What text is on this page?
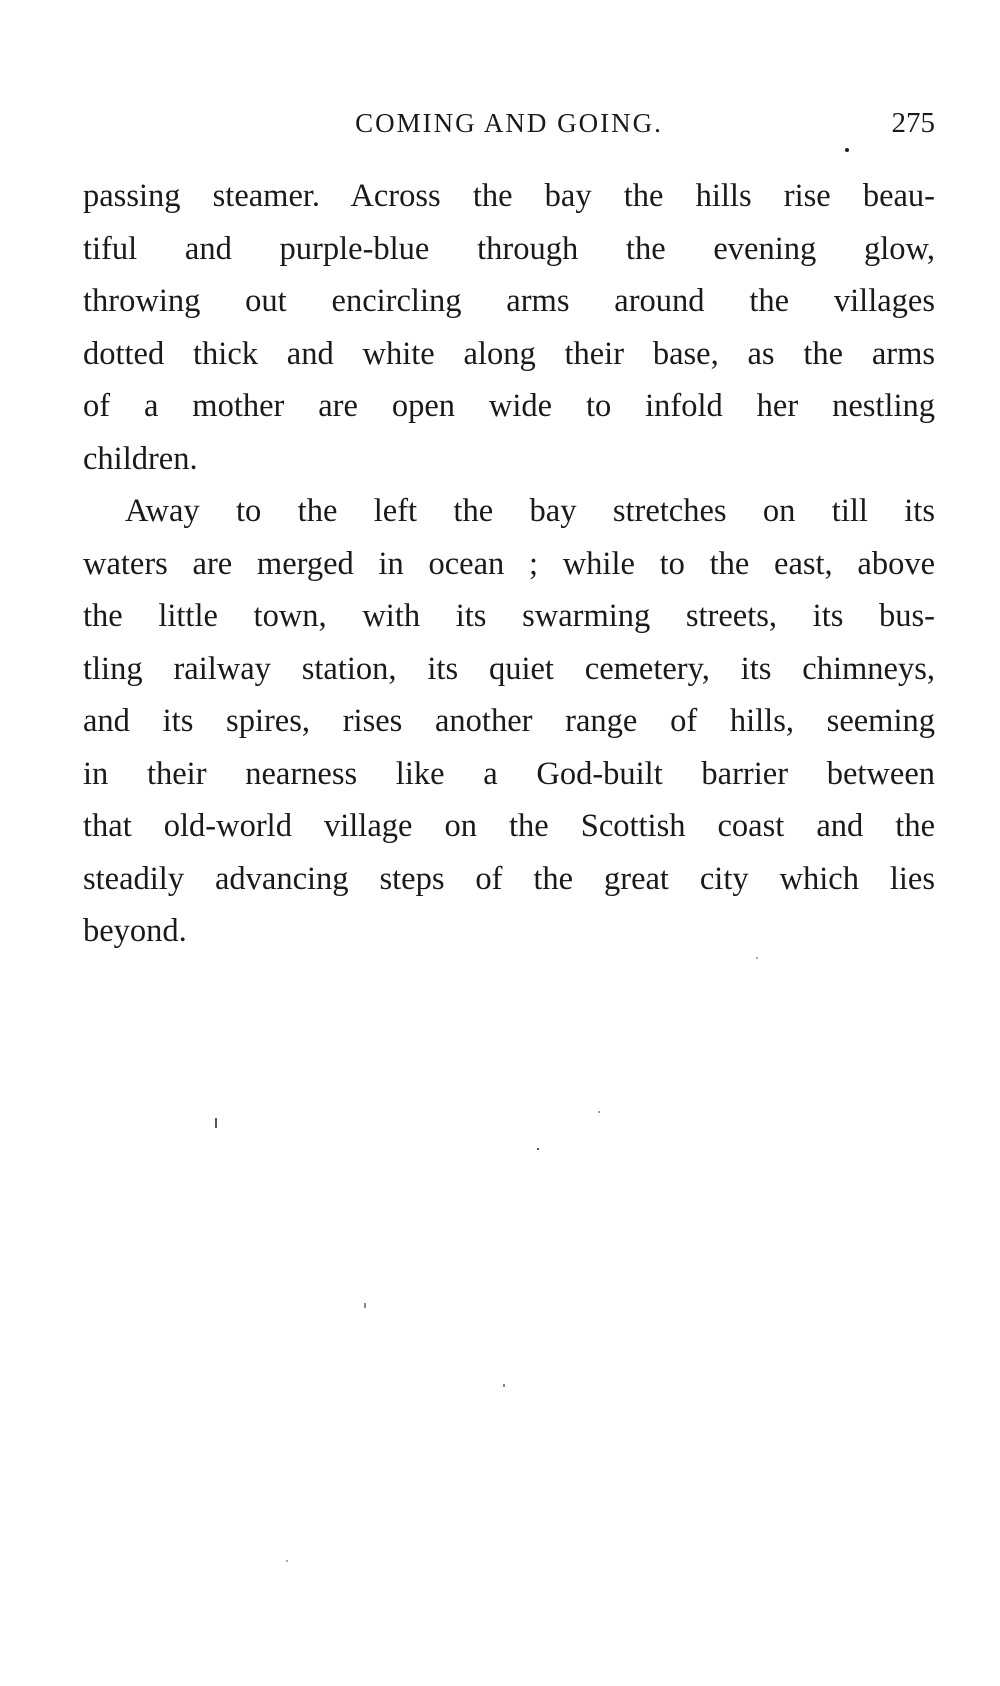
COMING AND GOING.	275
passing steamer. Across the bay the hills rise beau-
tiful and purple-blue through the evening glow,
throwing out encircling arms around the villages
dotted thick and white along their base, as the arms
of a mother are open wide to infold her nestling
children.
Away to the left the bay stretches on till its
waters are merged in ocean ; while to the east, above
the little town, with its swarming streets, its bus-
tling railway station, its quiet cemetery, its chimneys,
and its spires, rises another range of hills, seeming
in their nearness like a God-built barrier between
that old-world village on the Scottish coast and the
steadily advancing steps of the great city which lies
beyond.
